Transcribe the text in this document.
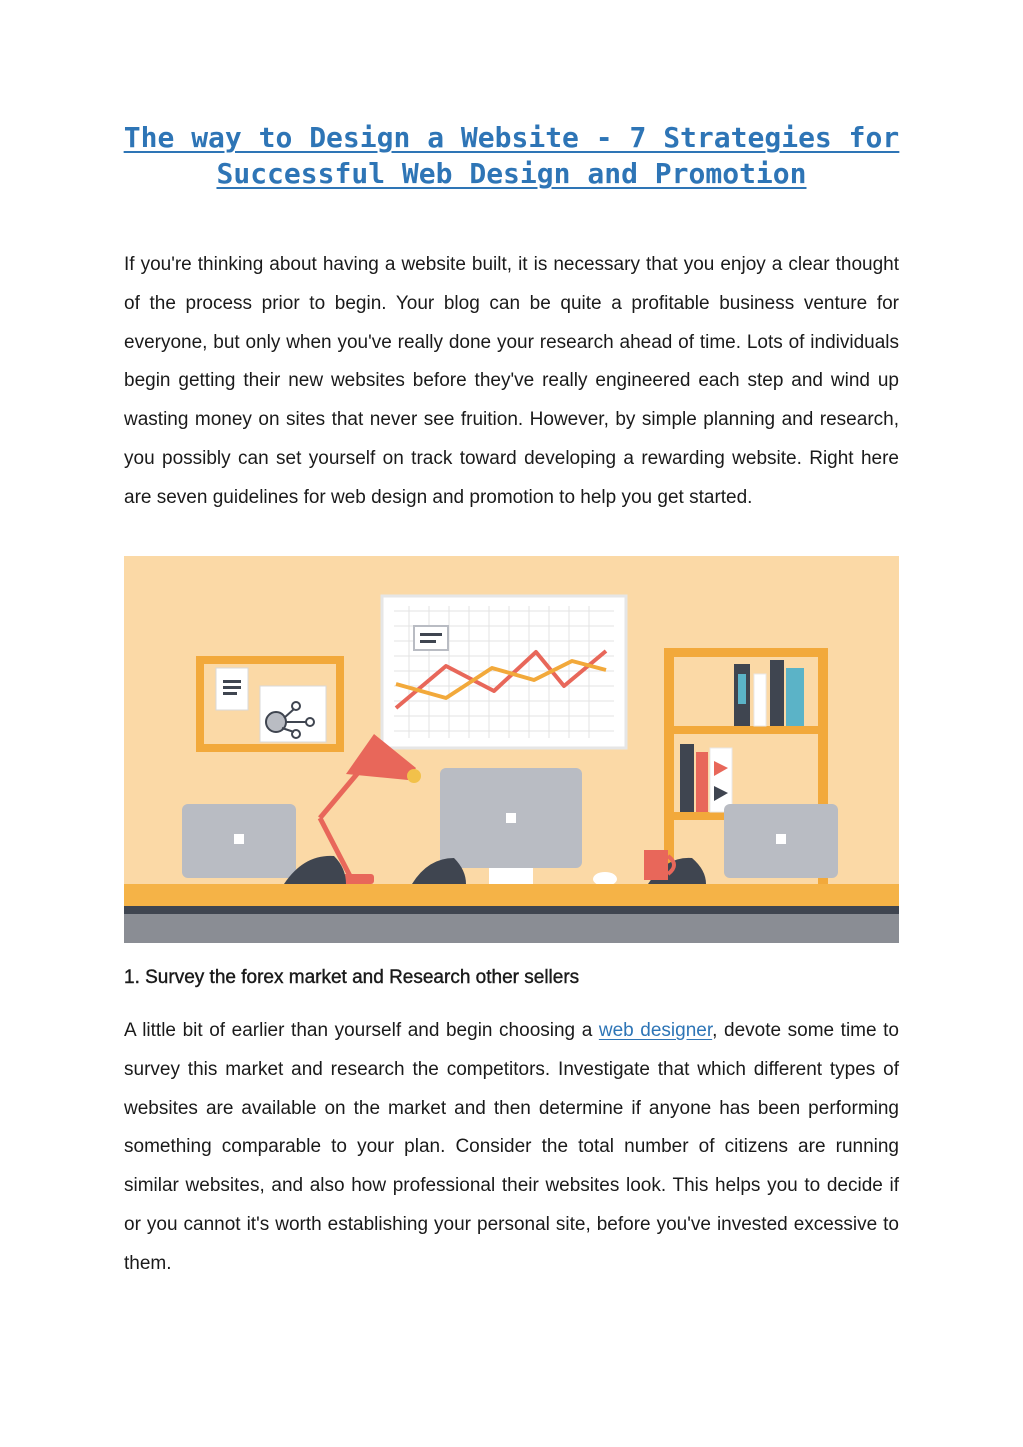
The way to Design a Website - 7 Strategies for Successful Web Design and Promotion

If you're thinking about having a website built, it is necessary that you enjoy a clear thought of the process prior to begin. Your blog can be quite a profitable business venture for everyone, but only when you've really done your research ahead of time. Lots of individuals begin getting their new websites before they've really engineered each step and wind up wasting money on sites that never see fruition. However, by simple planning and research, you possibly can set yourself on track toward developing a rewarding website. Right here are seven guidelines for web design and promotion to help you get started.

1. Survey the forex market and Research other sellers

A little bit of earlier than yourself and begin choosing a web designer, devote some time to survey this market and research the competitors. Investigate that which different types of websites are available on the market and then determine if anyone has been performing something comparable to your plan. Consider the total number of citizens are running similar websites, and also how professional their websites look. This helps you to decide if or you cannot it's worth establishing your personal site, before you've invested excessive to them.
